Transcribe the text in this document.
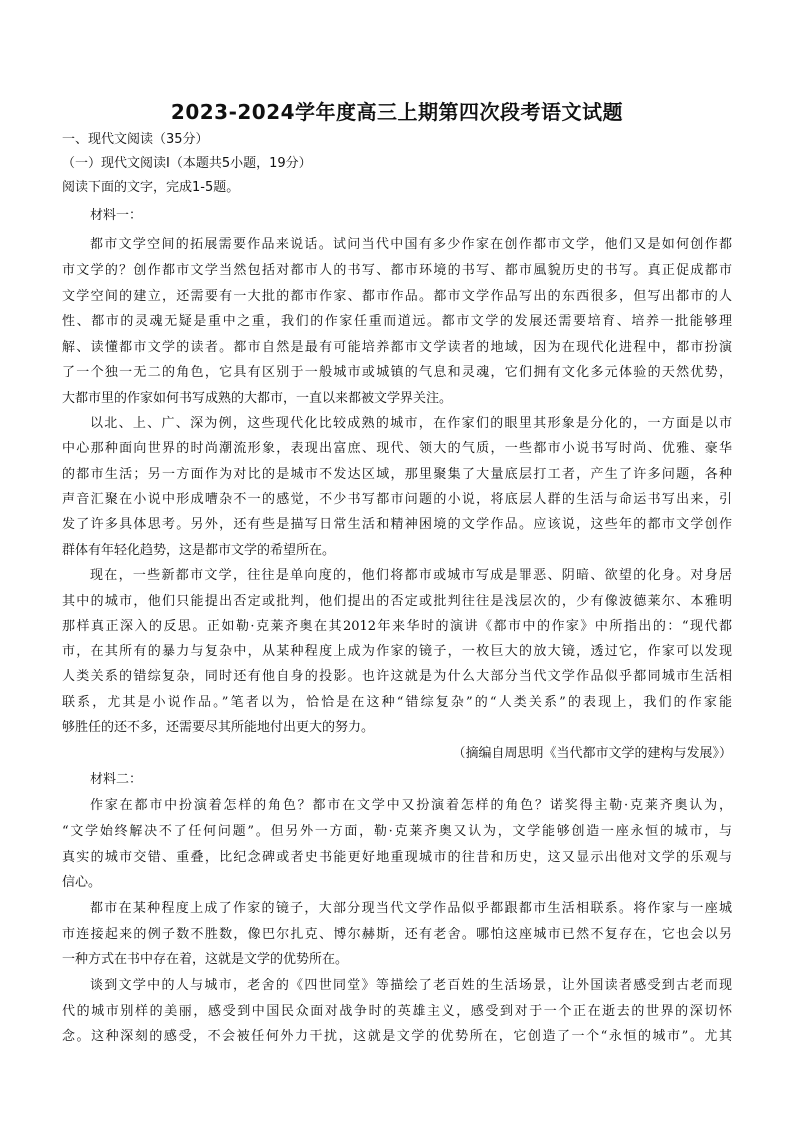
2023-2024学年度高三上期第四次段考语文试题
一、现代文阅读（35分）
（一）现代文阅读Ⅰ（本题共5小题，19分）
阅读下面的文字，完成1-5题。
材料一：
都市文学空间的拓展需要作品来说话。试问当代中国有多少作家在创作都市文学，他们又是如何创作都
市文学的？创作都市文学当然包括对都市人的书写、都市环境的书写、都市風貌历史的书写。真正促成都市
文学空间的建立，还需要有一大批的都市作家、都市作品。都市文学作品写出的东西很多，但写出都市的人
性、都市的灵魂无疑是重中之重，我们的作家任重而道远。都市文学的发展还需要培育、培养一批能够理
解、读懂都市文学的读者。都市自然是最有可能培养都市文学读者的地域，因为在现代化进程中，都市扮演
了一个独一无二的角色，它具有区别于一般城市或城镇的气息和灵魂，它们拥有文化多元体验的天然优势，
大都市里的作家如何书写成熟的大都市，一直以来都被文学界关注。
以北、上、广、深为例，这些现代化比较成熟的城市，在作家们的眼里其形象是分化的，一方面是以市
中心那种面向世界的时尚潮流形象，表现出富庶、现代、领大的气质，一些都市小说书写时尚、优雅、豪华
的都市生活；另一方面作为对比的是城市不发达区域，那里聚集了大量底层打工者，产生了许多问题，各种
声音汇聚在小说中形成嘈杂不一的感觉，不少书写都市问题的小说，将底层人群的生活与命运书写出来，引
发了许多具体思考。另外，还有些是描写日常生活和精神困境的文学作品。应该说，这些年的都市文学创作
群体有年轻化趋势，这是都市文学的希望所在。
现在，一些新都市文学，往往是单向度的，他们将都市或城市写成是罪恶、阴暗、欲望的化身。对身居
其中的城市，他们只能提出否定或批判，他们提出的否定或批判往往是浅层次的，少有像波德莱尔、本雅明
那样真正深入的反思。正如勒·克莱齐奥在其2012年来华时的演讲《都市中的作家》中所指出的：“现代都
市，在其所有的暴力与复杂中，从某种程度上成为作家的镜子，一枚巨大的放大镜，透过它，作家可以发现
人类关系的错综复杂，同时还有他自身的投影。也许这就是为什么大部分当代文学作品似乎都同城市生活相
联系，尤其是小说作品。”笔者以为，恰恰是在这种“错综复杂”的“人类关系”的表现上，我们的作家能
够胜任的还不多，还需要尽其所能地付出更大的努力。
（摘编自周思明《当代都市文学的建构与发展》）
材料二：
作家在都市中扮演着怎样的角色？都市在文学中又扮演着怎样的角色？诺奖得主勒·克莱齐奥认为，
“文学始终解决不了任何问题”。但另外一方面，勒·克莱齐奥又认为，文学能够创造一座永恒的城市，与
真实的城市交错、重叠，比纪念碑或者史书能更好地重现城市的往昔和历史，这又显示出他对文学的乐观与
信心。
都市在某种程度上成了作家的镜子，大部分现当代文学作品似乎都跟都市生活相联系。将作家与一座城
市连接起来的例子数不胜数，像巴尔扎克、博尔赫斯，还有老舍。哪怕这座城市已然不复存在，它也会以另
一种方式在书中存在着，这就是文学的优势所在。
谈到文学中的人与城市，老舍的《四世同堂》等描绘了老百姓的生活场景，让外国读者感受到古老而现
代的城市别样的美丽，感受到中国民众面对战争时的英雄主义，感受到对于一个正在逝去的世界的深切怀
念。这种深刻的感受，不会被任何外力干扰，这就是文学的优势所在，它创造了一个“永恒的城市”。尤其
